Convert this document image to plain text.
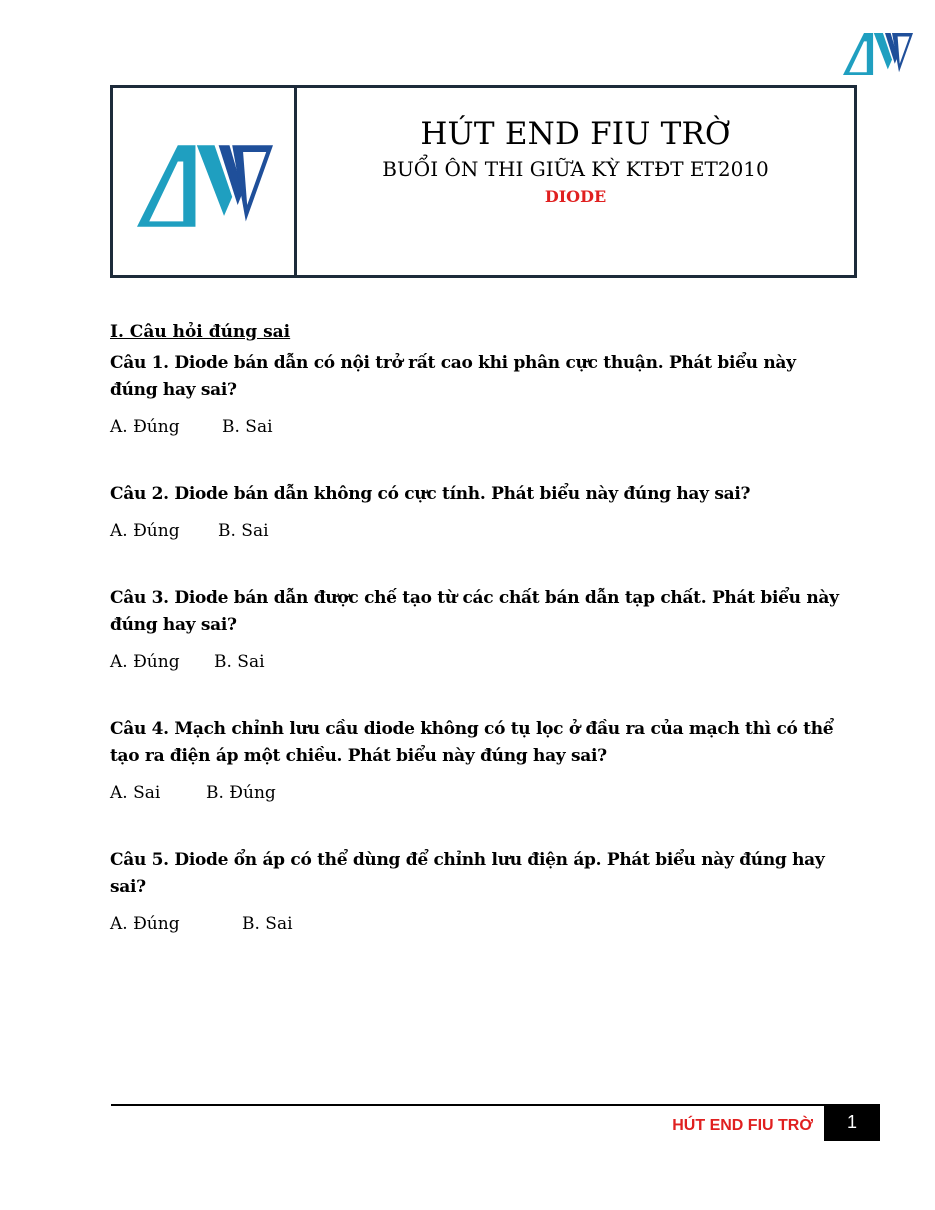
HÚT END FIU TRỜ
BUỔI ÔN THI GIỮA KỲ KTĐT ET2010
DIODE
I. Câu hỏi đúng sai
Câu 1. Diode bán dẫn có nội trở rất cao khi phân cực thuận. Phát biểu này đúng hay sai?
A. Đúng B. Sai
Câu 2. Diode bán dẫn không có cực tính. Phát biểu này đúng hay sai?
A. Đúng B. Sai
Câu 3. Diode bán dẫn được chế tạo từ các chất bán dẫn tạp chất. Phát biểu này đúng hay sai?
A. Đúng B. Sai
Câu 4. Mạch chỉnh lưu cầu diode không có tụ lọc ở đầu ra của mạch thì có thể tạo ra điện áp một chiều. Phát biểu này đúng hay sai?
A. Sai	B. Đúng
Câu 5. Diode ổn áp có thể dùng để chỉnh lưu điện áp. Phát biểu này đúng hay sai?
A. Đúng	B. Sai
HÚT END FIU TRỜ	1
